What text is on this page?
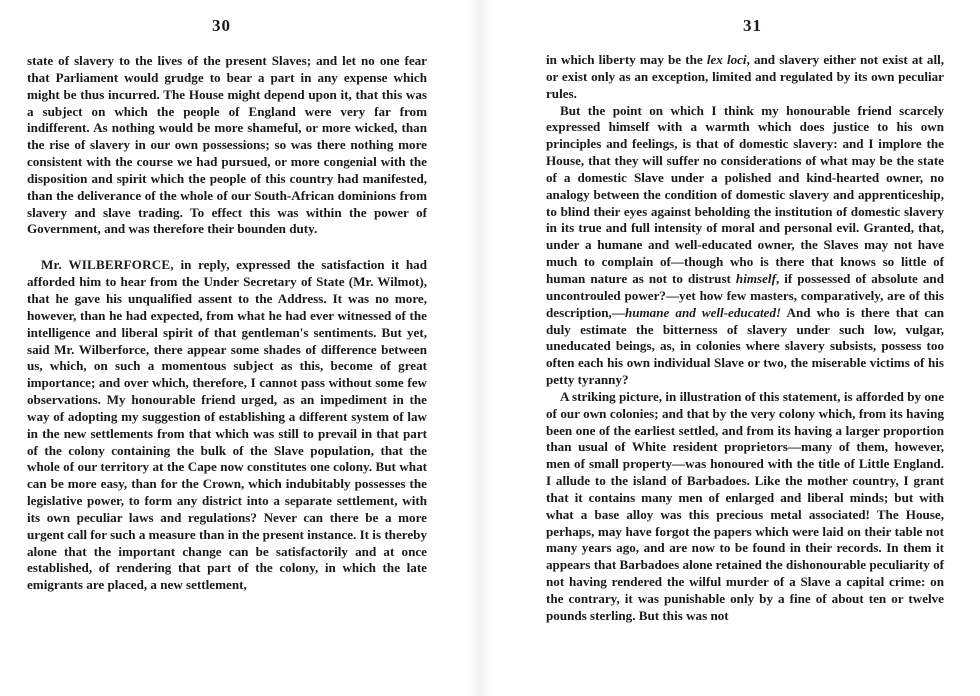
30

state of slavery to the lives of the present Slaves; and let no one fear that Parliament would grudge to bear a part in any expense which might be thus incurred. The House might depend upon it, that this was a subject on which the people of England were very far from indifferent. As nothing would be more shameful, or more wicked, than the rise of slavery in our own possessions; so was there nothing more consistent with the course we had pursued, or more congenial with the disposition and spirit which the people of this country had manifested, than the deliverance of the whole of our South-African dominions from slavery and slave trading. To effect this was within the power of Government, and was therefore their bounden duty.

Mr. WILBERFORCE, in reply, expressed the satisfaction it had afforded him to hear from the Under Secretary of State (Mr. Wilmot), that he gave his unqualified assent to the Address. It was no more, however, than he had expected, from what he had ever witnessed of the intelligence and liberal spirit of that gentleman's sentiments. But yet, said Mr. Wilberforce, there appear some shades of difference between us, which, on such a momentous subject as this, become of great importance; and over which, therefore, I cannot pass without some few observations. My honourable friend urged, as an impediment in the way of adopting my suggestion of establishing a different system of law in the new settlements from that which was still to prevail in that part of the colony containing the bulk of the Slave population, that the whole of our territory at the Cape now constitutes one colony. But what can be more easy, than for the Crown, which indubitably possesses the legislative power, to form any district into a separate settlement, with its own peculiar laws and regulations? Never can there be a more urgent call for such a measure than in the present instance. It is thereby alone that the important change can be satisfactorily and at once established, of rendering that part of the colony, in which the late emigrants are placed, a new settlement,

31

in which liberty may be the lex loci, and slavery either not exist at all, or exist only as an exception, limited and regulated by its own peculiar rules.

But the point on which I think my honourable friend scarcely expressed himself with a warmth which does justice to his own principles and feelings, is that of domestic slavery: and I implore the House, that they will suffer no considerations of what may be the state of a domestic Slave under a polished and kind-hearted owner, no analogy between the condition of domestic slavery and apprenticeship, to blind their eyes against beholding the institution of domestic slavery in its true and full intensity of moral and personal evil. Granted, that, under a humane and well-educated owner, the Slaves may not have much to complain of—though who is there that knows so little of human nature as not to distrust himself, if possessed of absolute and uncontrouled power?—yet how few masters, comparatively, are of this description,—humane and well-educated! And who is there that can duly estimate the bitterness of slavery under such low, vulgar, uneducated beings, as, in colonies where slavery subsists, possess too often each his own individual Slave or two, the miserable victims of his petty tyranny?

A striking picture, in illustration of this statement, is afforded by one of our own colonies; and that by the very colony which, from its having been one of the earliest settled, and from its having a larger proportion than usual of White resident proprietors—many of them, however, men of small property—was honoured with the title of Little England. I allude to the island of Barbadoes. Like the mother country, I grant that it contains many men of enlarged and liberal minds; but with what a base alloy was this precious metal associated! The House, perhaps, may have forgot the papers which were laid on their table not many years ago, and are now to be found in their records. In them it appears that Barbadoes alone retained the dishonourable peculiarity of not having rendered the wilful murder of a Slave a capital crime: on the contrary, it was punishable only by a fine of about ten or twelve pounds sterling. But this was not
